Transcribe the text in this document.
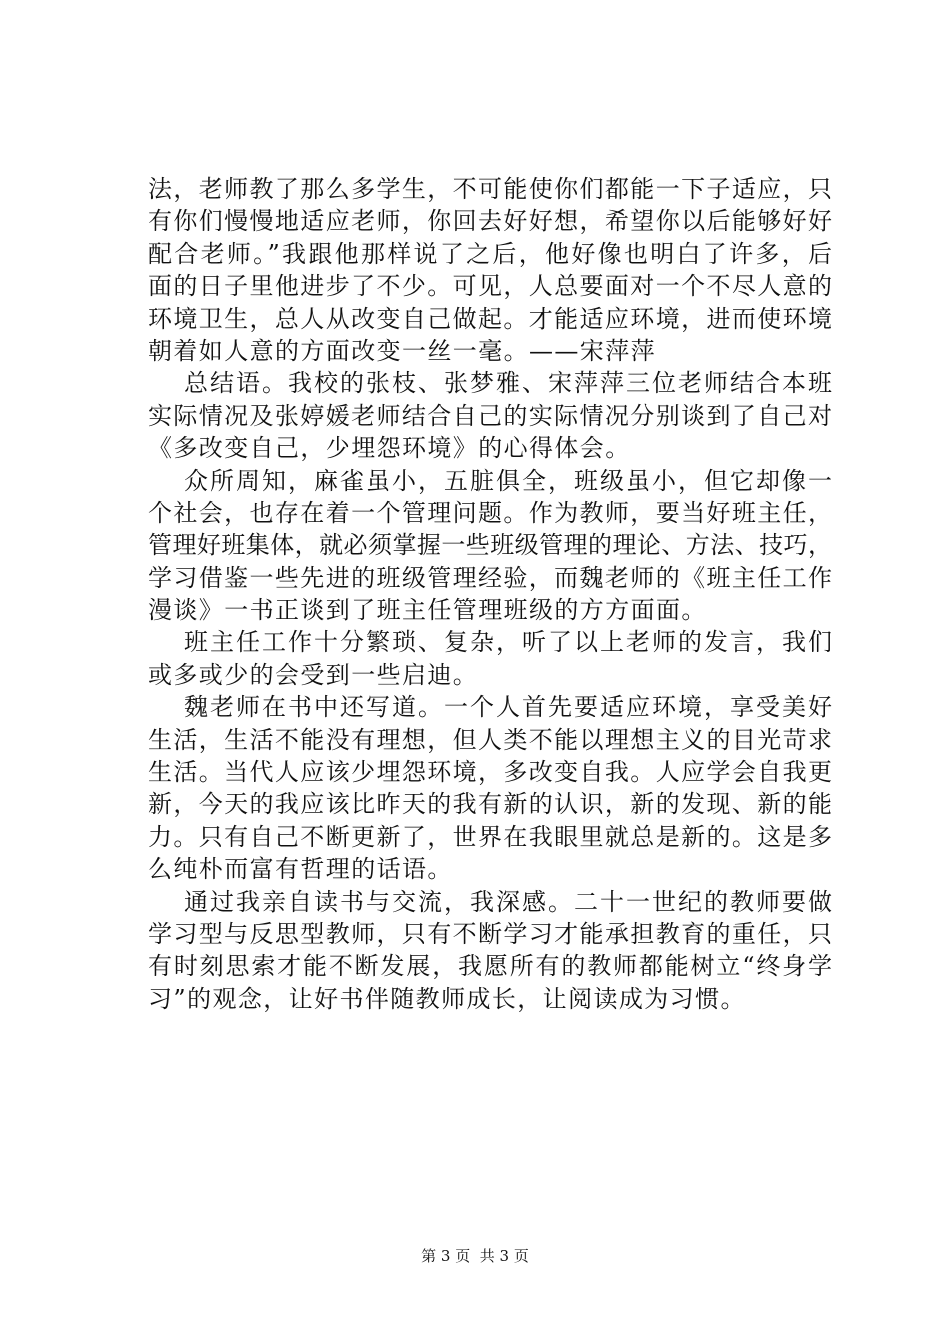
法，老师教了那么多学生，不可能使你们都能一下子适应，只
有你们慢慢地适应老师，你回去好好想，希望你以后能够好好
配合老师。”我跟他那样说了之后，他好像也明白了许多，后
面的日子里他进步了不少。可见，人总要面对一个不尽人意的
环境卫生，总人从改变自己做起。才能适应环境，进而使环境
朝着如人意的方面改变一丝一毫。——宋萍萍
总结语。我校的张枝、张梦雅、宋萍萍三位老师结合本班
实际情况及张婷媛老师结合自己的实际情况分别谈到了自己对
《多改变自己，少埋怨环境》的心得体会。
众所周知，麻雀虽小，五脏俱全，班级虽小，但它却像一
个社会，也存在着一个管理问题。作为教师，要当好班主任，
管理好班集体，就必须掌握一些班级管理的理论、方法、技巧，
学习借鉴一些先进的班级管理经验，而魏老师的《班主任工作
漫谈》一书正谈到了班主任管理班级的方方面面。
班主任工作十分繁琐、复杂，听了以上老师的发言，我们
或多或少的会受到一些启迪。
魏老师在书中还写道。一个人首先要适应环境，享受美好
生活，生活不能没有理想，但人类不能以理想主义的目光苛求
生活。当代人应该少埋怨环境，多改变自我。人应学会自我更
新，今天的我应该比昨天的我有新的认识，新的发现、新的能
力。只有自己不断更新了，世界在我眼里就总是新的。这是多
么纯朴而富有哲理的话语。
通过我亲自读书与交流，我深感。二十一世纪的教师要做
学习型与反思型教师，只有不断学习才能承担教育的重任，只
有时刻思索才能不断发展，我愿所有的教师都能树立“终身学
习”的观念，让好书伴随教师成长，让阅读成为习惯。
第 3 页 共 3 页
